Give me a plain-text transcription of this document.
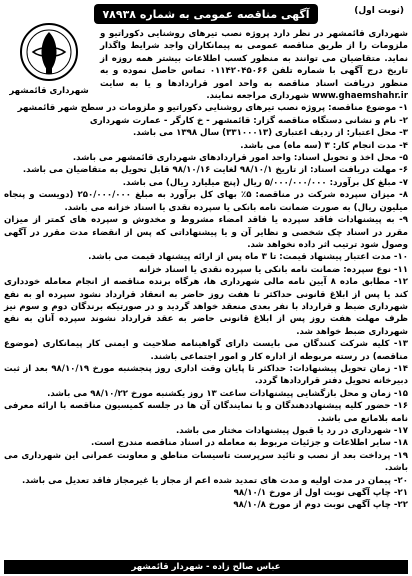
(نوبت اول)
آگهی مناقصه عمومی به شماره ۷۸۹۳۸
شهرداری قائمشهر
شهرداری قائمشهر در نظر دارد پروژه نصب تیرهای روشنایی دکوراتیو و ملزومات را از طریق مناقصه عمومی به پیمانکاران واجد شرایط واگذار نماید. متقاضیان می توانند به منظور کسب اطلاعات بیشتر همه روزه از تاریخ درج آگهی با شماره تلفن ۰۱۱۴۲۰۴۵۰۶۶ تماس حاصل نموده و به منظور دریافت اسناد مناقصه به واحد امور قراردادها و یا به سایت www.ghaemshahr.ir شهرداری مراجعه نمایند.
۱- موضوع مناقصه: پروژه نصب تیرهای روشنایی دکوراتیو و ملزومات در سطح شهر قائمشهر
۲- نام و نشانی دستگاه مناقصه گزار: قائمشهر - خ کارگر - عمارت شهرداری
۳- محل اعتبار: از ردیف اعتباری (۳۳۱۰۰۰۱۳) سال ۱۳۹۸ می باشد.
۴- مدت انجام کار: ۳ (سه ماه) می باشد.
۵- محل اخذ و تحویل اسناد: واحد امور قراردادهای شهرداری قائمشهر می باشد.
۶- مهلت دریافت اسناد: از تاریخ ۹۸/۱۰/۱ لغایت ۹۸/۱۰/۱۶ قابل تحویل به متقاضیان می باشد.
۷- مبلغ کل برآورد: ۵/۰۰۰/۰۰۰/۰۰۰ ریال (پنج میلیارد ریال) می باشد.
۸- میزان سپرده شرکت در مناقصه: ۵٪ بهای کل برآورد به مبلغ ۲۵۰/۰۰۰/۰۰۰ (دویست و پنجاه میلیون ریال) به صورت ضمانت نامه بانکی یا سپرده نقدی یا اسناد خزانه می باشد.
۹- به پیشنهادات فاقد سپرده یا فاقد امضاء مشروط و مخدوش و سپرده های کمتر از میزان مقرر در اسناد چک شخصی و نظایر آن و یا پیشنهاداتی که پس از انقضاء مدت مقرر در آگهی وصول شود ترتیب اثر داده نخواهد شد.
۱۰- مدت اعتبار پیشنهاد قیمت: تا ۳ ماه پس از ارائه پیشنهاد قیمت می باشد.
۱۱- نوع سپرده: ضمانت نامه بانکی یا سپرده نقدی یا اسناد خزانه
۱۲- مطابق ماده ۸ آیین نامه مالی شهرداری ها، هرگاه برنده مناقصه از انجام معامله خودداری کند یا پس از ابلاغ قانونی حداکثر تا هفت روز حاضر به انعقاد قرارداد نشود سپرده او به نفع شهرداری ضبط و قرارداد با نفر بعدی منعقد خواهد گردید و در صورتیکه برندگان دوم و سوم نیز ظرف مهلت هفت روز پس از ابلاغ قانونی حاضر به عقد قرارداد نشوند سپرده آنان به نفع شهرداری ضبط خواهد شد.
۱۳- کلیه شرکت کنندگان می بایست دارای گواهینامه صلاحیت و ایمنی کار پیمانکاری (موضوع مناقصه) در رسته مربوطه از اداره کار و امور اجتماعی باشند.
۱۴- زمان تحویل پیشنهادات: حداکثر تا پایان وقت اداری روز پنجشنبه مورخ ۹۸/۱۰/۱۹ بعد از ثبت دبیرخانه تحویل دفتر قراردادها گردد.
۱۵- زمان و محل بازگشایی پیشنهادات ساعت ۱۳ روز یکشنبه مورخ ۹۸/۱۰/۲۲ می باشد.
۱۶- حضور کلیه پیشنهاددهندگان و یا نمایندگان آن ها در جلسه کمیسیون مناقصه با ارائه معرفی نامه بلامانع می باشد.
۱۷- شهرداری در رد یا قبول پیشنهادات مختار می باشد.
۱۸- سایر اطلاعات و جزئیات مربوط به معامله در اسناد مناقصه مندرج است.
۱۹- پرداخت بعد از نصب و تائید سرپرست تاسیسات مناطق و معاونت عمرانی این شهرداری می باشد.
۲۰- پیمان در مدت اولیه و مدت های تمدید شده اعم از مجاز یا غیرمجاز فاقد تعدیل می باشد.
۲۱- چاپ آگهی نوبت اول از مورخ ۹۸/۱۰/۱
۲۲- چاپ آگهی نوبت دوم از مورخ ۹۸/۱۰/۸
عباس صالح زاده - شهردار قائمشهر
